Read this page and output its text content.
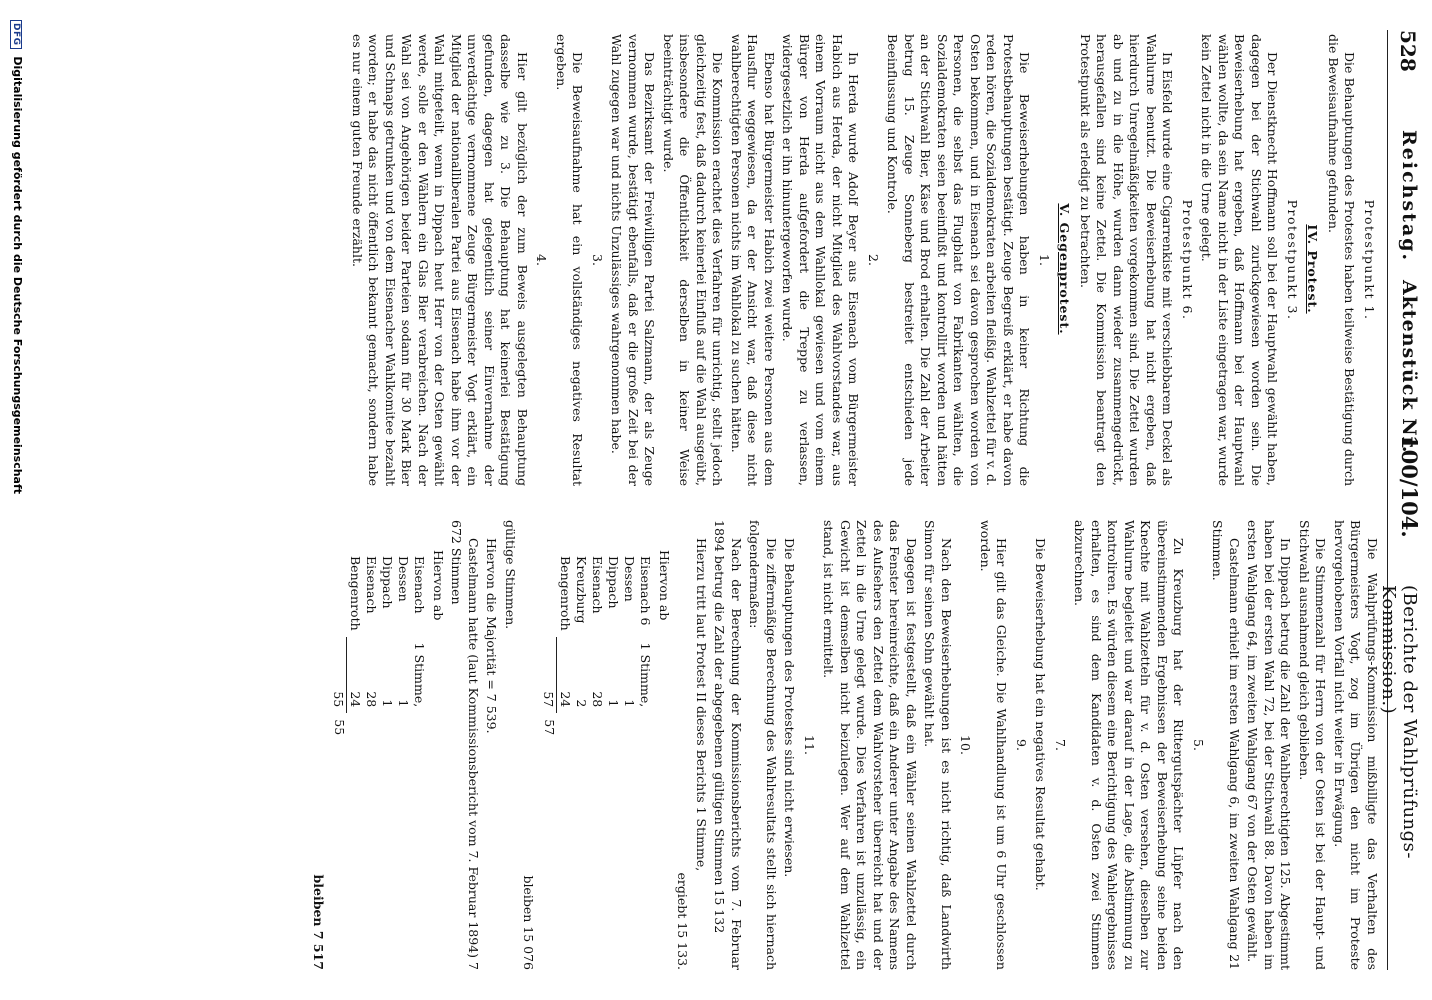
528
Reichstag.
Aktenstück Nr.
100/104.
(Berichte der Wahlprüfungs-Kommission.)

Protestpunkt 1.

Die Behauptungen des Protestes haben teilweise Bestätigung durch die Beweisaufnahme gefunden.

IV. Protest.

Protestpunkt 3.

Der Dienstknecht Hoffmann soll bei der Hauptwahl gewählt haben, dagegen bei der Stichwahl zurückgewiesen worden sein. Die Beweiserhebung hat ergeben, daß Hoffmann bei der Hauptwahl wählen wollte, da sein Name nicht in der Liste eingetragen war, wurde kein Zettel nicht in die Urne gelegt.

Protestpunkt 6.

In Eisfeld wurde eine Cigarrenkiste mit verschiebbarem Deckel als Wahlurne benutzt. Die Beweiserhebung hat nicht ergeben, daß hierdurch Unregelmäßigkeiten vorgekommen sind. Die Zettel wurden ab und zu in die Höhe, wurden dann wieder zusammengedrückt, herausgefallen sind keine Zettel. Die Kommission beantragt den Protestpunkt als erledigt zu betrachten.

V. Gegenprotest.

1.

Die Beweiserhebungen haben in keiner Richtung die Protestbehauptungen bestätigt. Zeuge Begreiß erklärt, er habe davon reden hören, die Sozialdemokraten arbeiten fleißig. Wahlzettel für v. d. Osten bekommen, und in Eisenach sei davon gesprochen worden von Personen, die selbst das Flugblatt von Fabrikanten wählten, die Sozialdemokraten seien beeinflußt und kontrollirt worden und hätten an der Stichwahl Bier, Käse und Brod erhalten. Die Zahl der Arbeiter betrug 15. Zeuge Sonneberg bestreitet entschieden jede Beeinflussung und Kontrole.

2.

In Herda wurde Adolf Beyer aus Eisenach vom Bürgermeister Habich aus Herda, der nicht Mitglied des Wahlvorstandes war, aus einem Vorraum nicht aus dem Wahllokal gewiesen und vom einem Bürger von Herda aufgefordert die Treppe zu verlassen, widergesetzlich er ihn hinuntergeworfen wurde.

Ebenso hat Bürgermeister Habich zwei weitere Personen aus dem Hausflur weggewiesen, da er der Ansicht war, daß diese nicht wahlberechtigten Personen nichts im Wahllokal zu suchen hätten.

Die Kommission erachtet dies Verfahren für unrichtig, stellt jedoch gleichzeitig fest, daß dadurch keinerlei Einfluß auf die Wahl ausgeübt, insbesondere die Öffentlichkeit derselben in keiner Weise beeinträchtigt wurde.

Das Bezirksamt der Freiwilligen Partei Salzmann, der als Zeuge vernommen wurde, bestätigt ebenfalls, daß er die große Zeit bei der Wahl zugegen war und nichts Unzulässiges wahrgenommen habe.

3.

Die Beweisaufnahme hat ein vollständiges negatives Resultat ergeben.

4.

Hier gilt bezüglich der zum Beweis ausgelegten Behauptung dasselbe wie zu 3. Die Behauptung hat keinerlei Bestätigung gefunden, dagegen hat gelegentlich seiner Einvernahme der unverdächtige vernommene Zeuge Bürgermeister Vogt erklärt, ein Mitglied der nationalliberalen Partei aus Eisenach habe ihm vor der Wahl mitgeteilt, wenn in Dippach heut Herr von der Osten gewählt werde, solle er den Wählern ein Glas Bier verabreichen. Nach der Wahl sei von Angehörigen beider Parteien sodann für 30 Mark Bier und Schnaps getrunken und von dem Eisenacher Wahlkomitee bezahlt worden; er habe das nicht öffentlich bekannt gemacht, sondern habe es nur einem guten Freunde erzählt.

Die Wahlprüfungs-Kommission mißbilligte das Verhalten des Bürgermeisters Vogt, zog im Übrigen den nicht im Proteste hervorgehobenen Vorfall nicht weiter in Erwägung.

Die Stimmenzahl für Herrn von der Osten ist bei der Haupt- und Stichwahl ausnahmend gleich geblieben.

In Dippach betrug die Zahl der Wahlberechtigten 125. Abgestimmt haben bei der ersten Wahl 72, bei der Stichwahl 88. Davon haben im ersten Wahlgang 64, im zweiten Wahlgang 67 von der Osten gewählt.

Castelmann erhielt im ersten Wahlgang 6, im zweiten Wahlgang 21 Stimmen.

5.

Zu Kreuzburg hat der Rittergutspächter Lüpfer nach den übereinstimmenden Ergebnissen der Beweiserhebung seine beiden Knechte mit Wahlzetteln für v. d. Osten versehen, dieselben zur Wahlurne begleitet und war darauf in der Lage, die Abstimmung zu kontroliren. Es würden diesem eine Berichtigung des Wahlergebnisses erhalten, es sind dem Kandidaten v. d. Osten zwei Stimmen abzurechnen.

7.

Die Beweiserhebung hat ein negatives Resultat gehabt.

9.

Hier gilt das Gleiche. Die Wahlhandlung ist um 6 Uhr geschlossen worden.

10.

Nach den Beweiserhebungen ist es nicht richtig, daß Landwirth Simon für seinen Sohn gewählt hat.

Dagegen ist festgestellt, daß ein Wähler seinen Wahlzettel durch das Fenster hereinreichte, daß ein Anderer unter Angabe des Namens des Aufsehers den Zettel dem Wahlvorsteher überreicht hat und der Zettel in die Urne gelegt wurde. Dies Verfahren ist unzulässig, ein Gewicht ist demselben nicht beizulegen. Wer auf dem Wahlzettel stand, ist nicht ermittelt.

11.

Die Behauptungen des Protestes sind nicht erwiesen.

Die ziffermäßige Berechnung des Wahlresultats stellt sich hiernach folgendermaßen:

Nach der Berechnung der Kommissionsberichts vom 7. Februar 1894 betrug die Zahl der abgegebenen gültigen Stimmen 15 132

Hierzu tritt laut Protest II dieses Berichts 1 Stimme,

ergiebt 15 133.

Hiervon ab

Eisenach 6	1 Stimme,	
Dessen	1	
Dippach	1	
Eisenach	28	
Kreuzburg	2	
Bengenroth	24	
	57	57

bleiben 15 076

gültige Stimmen.

Hiervon die Majorität = 7 539.

Castelmann hatte (laut Kommissionsbericht vom 7. Februar 1894) 7 672 Stimmen

Hiervon ab

Eisenach	1 Stimme,	
Dessen	1	
Dippach	1	
Eisenach	28	
Bengenroth	24	
	55	55

bleiben 7 517

DFG Digitalisierung gefördert durch die Deutsche Forschungsgemeinschaft
